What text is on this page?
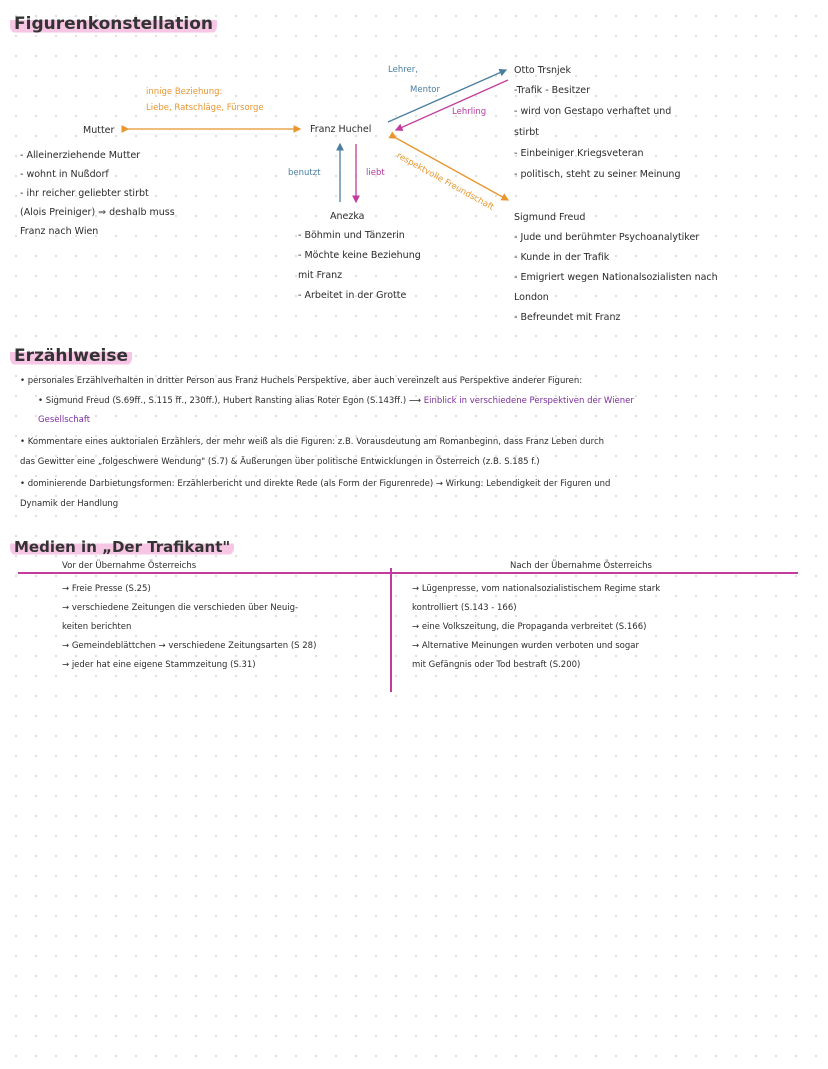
Figurenkonstellation
innige Beziehung:
Liebe, Ratschläge, Fürsorge
Lehrer,
Mentor
Lehrling
respektvolle Freundschaft
benutzt	liebt
Franz Huchel
Otto Trsnjek
-Trafik - Besitzer
- wird von Gestapo verhaftet und
stirbt
- Einbeiniger Kriegsveteran
- politisch, steht zu seiner Meinung
Mutter
- Alleinerziehende Mutter
- wohnt in Nußdorf
- ihr reicher geliebter stirbt
(Alois Preiniger) ⇒ deshalb muss
Franz nach Wien
Anezka
- Böhmin und Tänzerin
- Möchte keine Beziehung
mit Franz
- Arbeitet in der Grotte
Sigmund Freud
- Jude und berühmter Psychoanalytiker
- Kunde in der Trafik
- Emigriert wegen Nationalsozialisten nach
London
- Befreundet mit Franz
Erzählweise
• personales Erzählverhalten in dritter Person aus Franz Huchels Perspektive, aber auch vereinzelt aus Perspektive anderer Figuren:
• Sigmund Freud (S.69ff., S.115 ff., 230ff.), Hubert Ransting alias Roter Egon (S.143ff.) ⟶ Einblick in verschiedene Perspektiven der Wiener
Gesellschaft
• Kommentare eines auktorialen Erzählers, der mehr weiß als die Figuren: z.B. Vorausdeutung am Romanbeginn, dass Franz Leben durch
das Gewitter eine „folgeschwere Wendung" (S.7) & Äußerungen über politische Entwicklungen in Österreich (z.B. S.185 f.)
• dominierende Darbietungsformen: Erzählerbericht und direkte Rede (als Form der Figurenrede) → Wirkung: Lebendigkeit der Figuren und
Dynamik der Handlung
Medien in „Der Trafikant"
Vor der Übernahme Österreichs	Nach der Übernahme Österreichs
→ Freie Presse (S.25)
→ verschiedene Zeitungen die verschieden über Neuig-
keiten berichten
→ Gemeindeblättchen → verschiedene Zeitungsarten (S 28)
→ jeder hat eine eigene Stammzeitung (S.31)
→ Lügenpresse, vom nationalsozialistischem Regime stark
kontrolliert (S.143 - 166)
→ eine Volkszeitung, die Propaganda verbreitet (S.166)
→ Alternative Meinungen wurden verboten und sogar
mit Gefängnis oder Tod bestraft (S.200)
